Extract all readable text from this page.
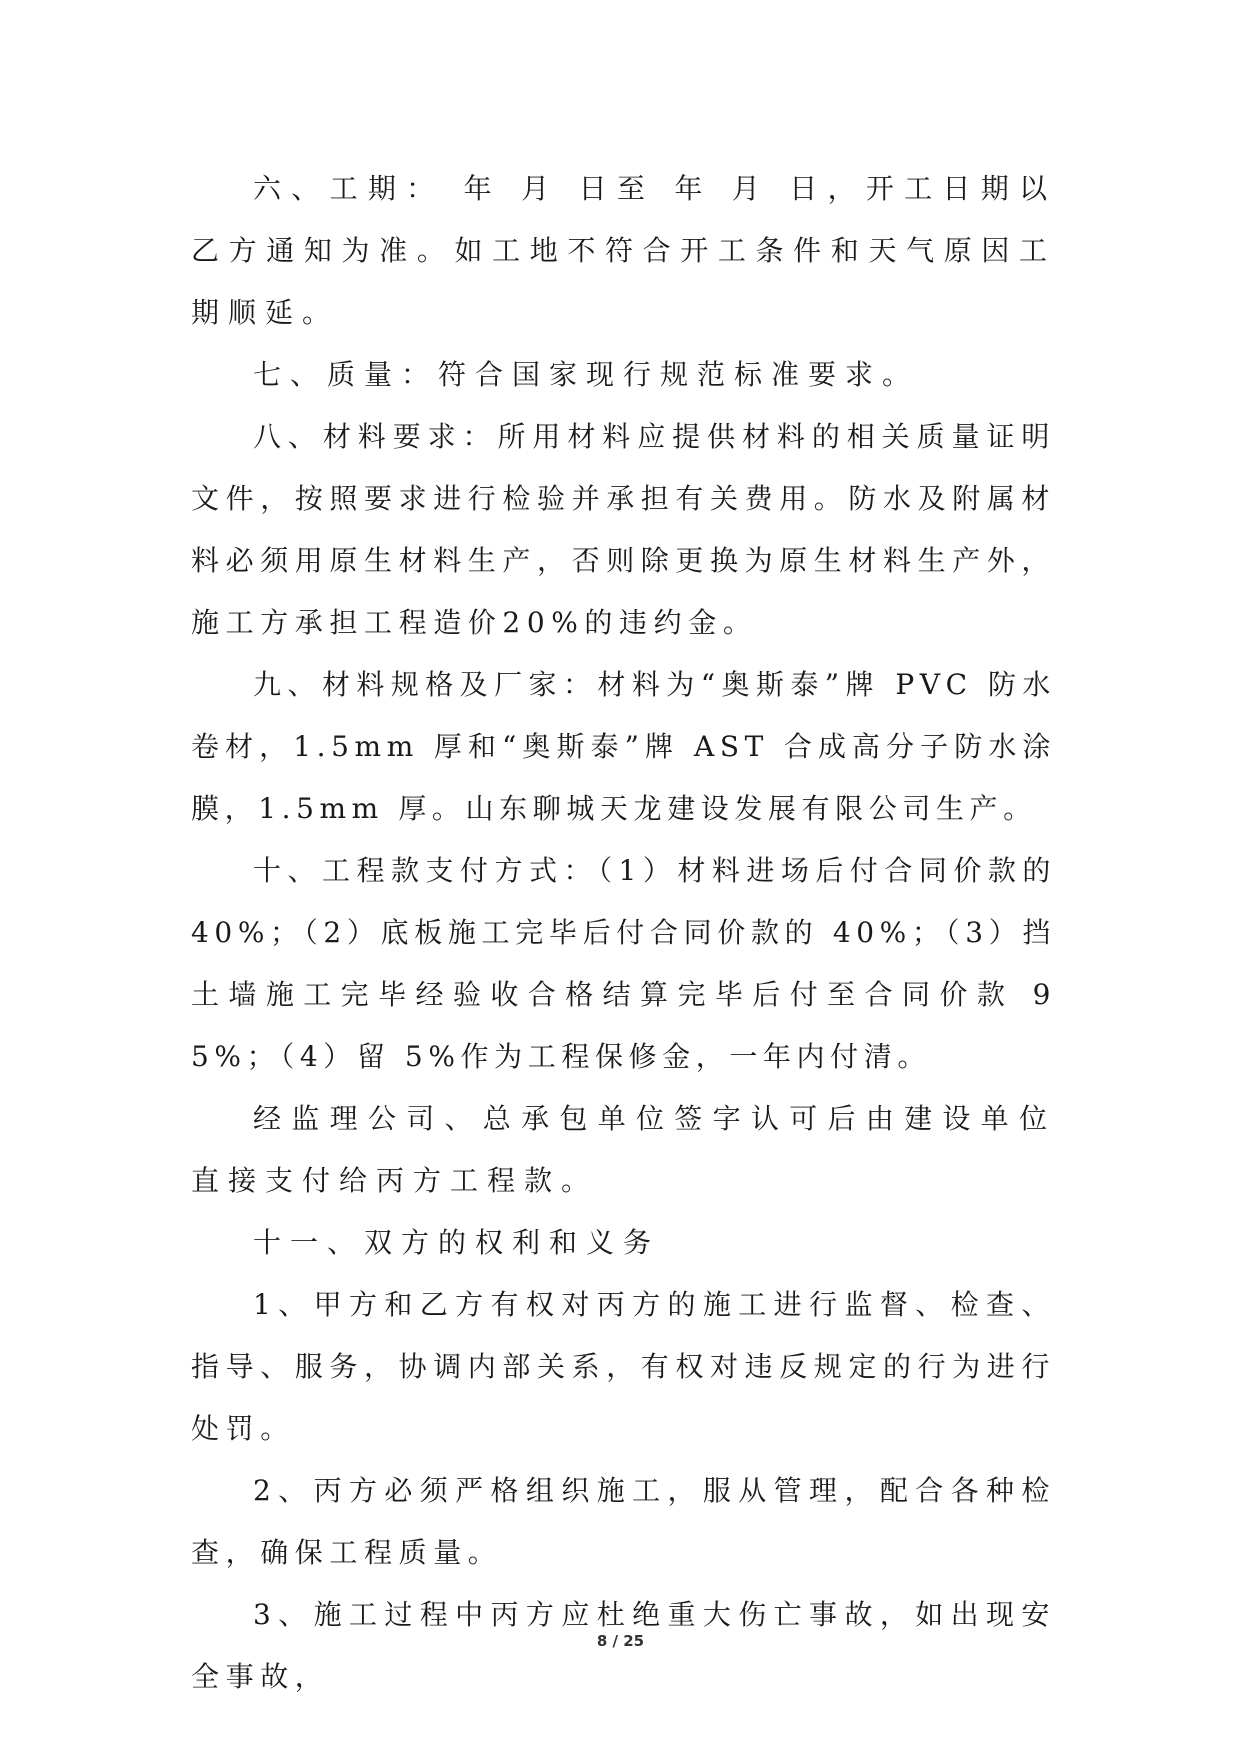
六、工期： 年 月 日至 年 月 日，开工日期以乙方通知为准。如工地不符合开工条件和天气原因工期顺延。

七、质量：符合国家现行规范标准要求。

八、材料要求：所用材料应提供材料的相关质量证明文件，按照要求进行检验并承担有关费用。防水及附属材料必须用原生材料生产，否则除更换为原生材料生产外，施工方承担工程造价20%的违约金。

九、材料规格及厂家：材料为“奥斯泰”牌 PVC 防水卷材，1.5mm 厚和“奥斯泰”牌 AST 合成高分子防水涂膜，1.5mm 厚。山东聊城天龙建设发展有限公司生产。

十、工程款支付方式：（1）材料进场后付合同价款的 40%；（2）底板施工完毕后付合同价款的 40%；（3）挡土墙施工完毕经验收合格结算完毕后付至合同价款 95%；（4）留 5%作为工程保修金，一年内付清。

经监理公司、总承包单位签字认可后由建设单位直接支付给丙方工程款。

十一、双方的权利和义务

1、甲方和乙方有权对丙方的施工进行监督、检查、指导、服务，协调内部关系，有权对违反规定的行为进行处罚。

2、丙方必须严格组织施工，服从管理，配合各种检查，确保工程质量。

3、施工过程中丙方应杜绝重大伤亡事故，如出现安全事故，

8 / 25
